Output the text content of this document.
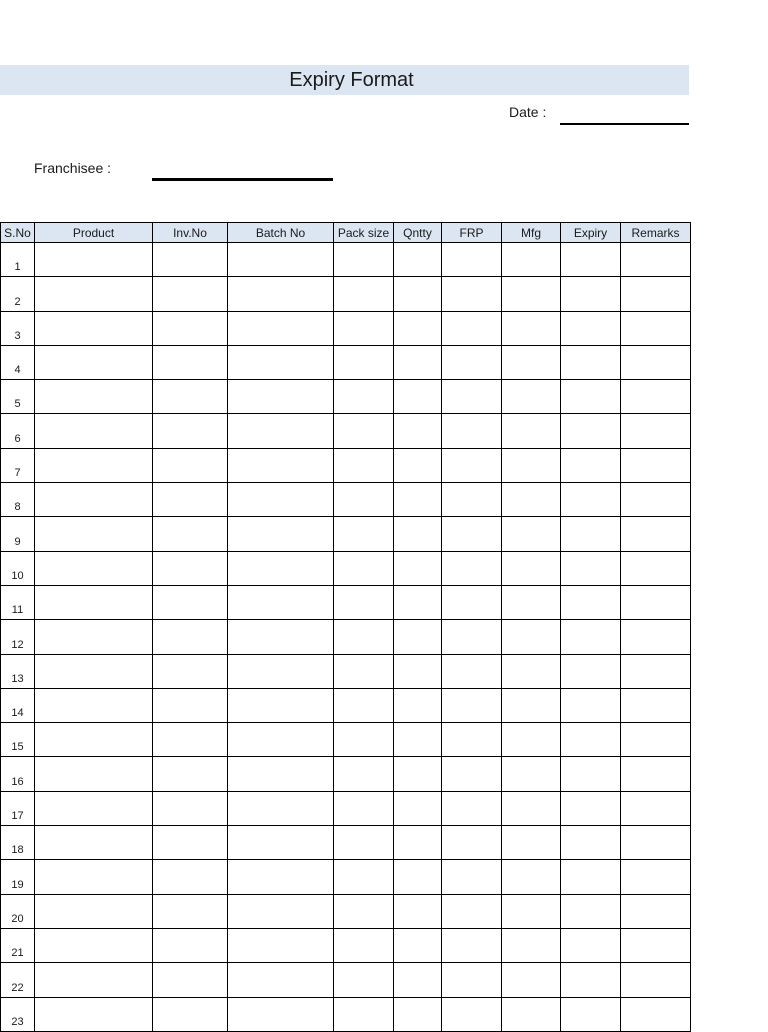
Expiry Format
Date :
Franchisee :
S.No	Product	Inv.No	Batch No	Pack size	Qntty	FRP	Mfg	Expiry	Remarks
1									
2									
3									
4									
5									
6									
7									
8									
9									
10									
11									
12									
13									
14									
15									
16									
17									
18									
19									
20									
21									
22									
23									
